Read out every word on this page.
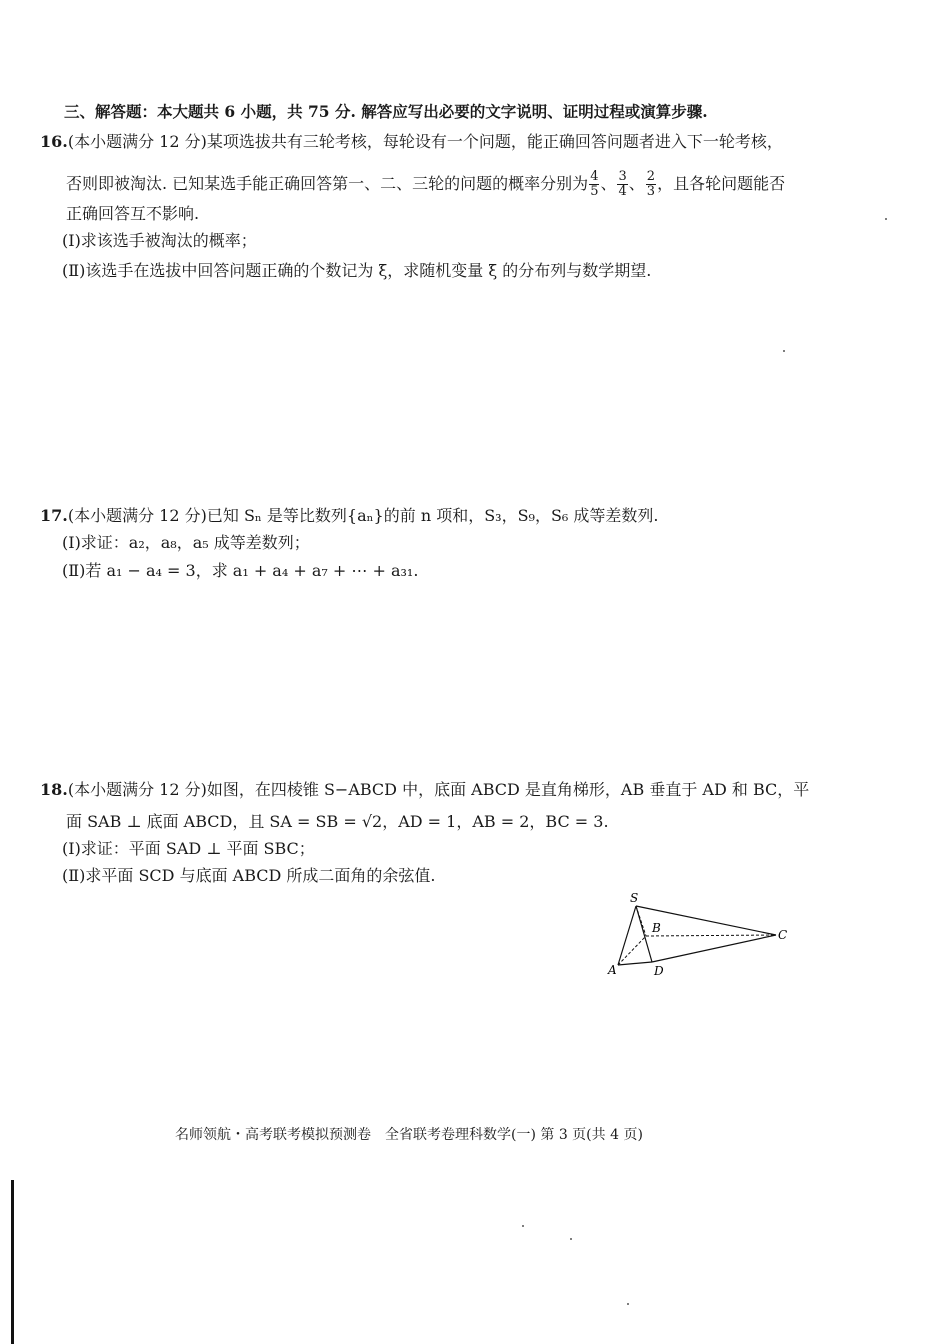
三、解答题：本大题共 6 小题，共 75 分. 解答应写出必要的文字说明、证明过程或演算步骤.
16.(本小题满分 12 分)某项选拔共有三轮考核，每轮设有一个问题，能正确回答问题者进入下一轮考核，
否则即被淘汰. 已知某选手能正确回答第一、二、三轮的问题的概率分别为 $\frac{4}{5}$ 、 $\frac{3}{4}$ 、 $\frac{2}{3}$ ，且各轮问题能否
正确回答互不影响.
(Ⅰ)求该选手被淘汰的概率；
(Ⅱ)该选手在选拔中回答问题正确的个数记为 ξ，求随机变量 ξ 的分布列与数学期望.
17.(本小题满分 12 分)已知 Sₙ 是等比数列{aₙ}的前 n 项和，S₃，S₉，S₆ 成等差数列.
(Ⅰ)求证：a₂，a₈，a₅ 成等差数列；
(Ⅱ)若 a₁ − a₄ = 3，求 a₁ + a₄ + a₇ + ⋯ + a₃₁.
18.(本小题满分 12 分)如图，在四棱锥 S−ABCD 中，底面 ABCD 是直角梯形，AB 垂直于 AD 和 BC，平
面 SAB ⊥ 底面 ABCD，且 SA = SB = √2，AD = 1，AB = 2，BC = 3.
(Ⅰ)求证：平面 SAD ⊥ 平面 SBC；
(Ⅱ)求平面 SCD 与底面 ABCD 所成二面角的余弦值.
S
B	C
A	D
名师领航・高考联考模拟预测卷　全省联考卷理科数学(一) 第 3 页(共 4 页)
